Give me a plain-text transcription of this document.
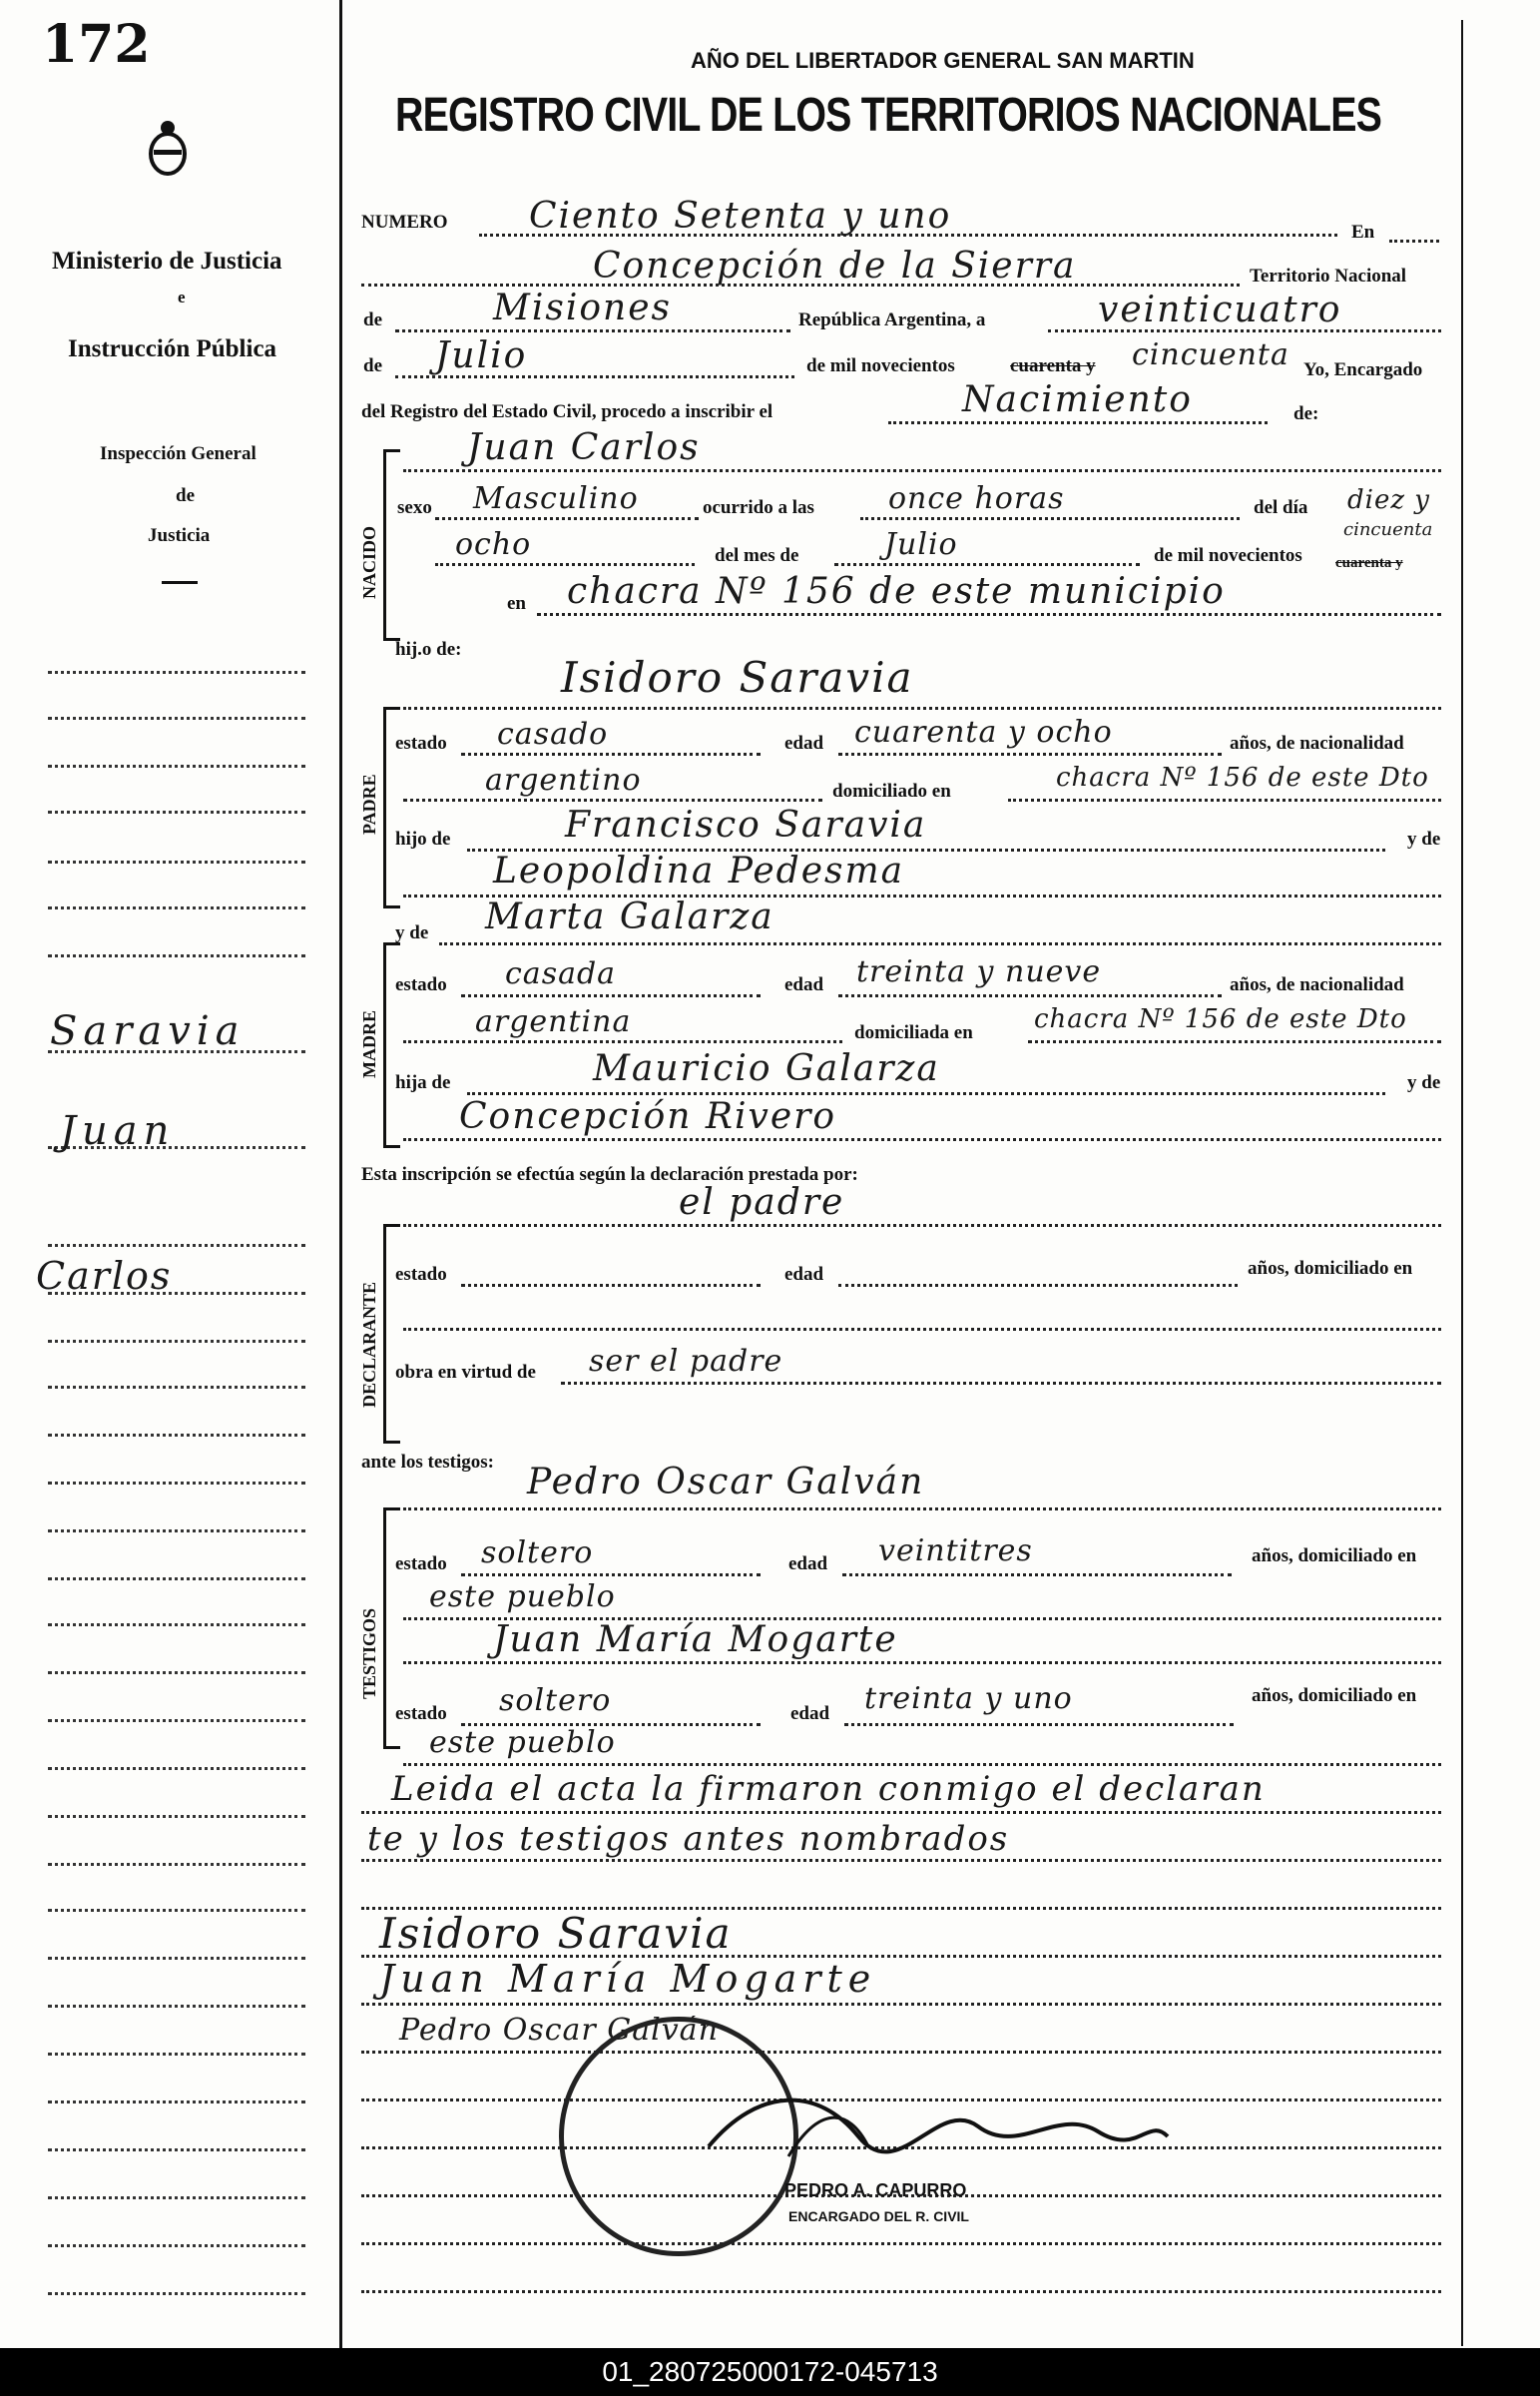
172
Ministerio de Justicia
e
Instrucción Pública
Inspección General
de
Justicia
Saravia
Juan
Carlos
AÑO DEL LIBERTADOR GENERAL SAN MARTIN
REGISTRO CIVIL DE LOS TERRITORIOS NACIONALES
NUMERO Ciento Setenta y uno	En
Concepción de la Sierra	Territorio Nacional
de	Misiones	República Argentina, a	veinticuatro
de Julio	de mil novecientos	cuarenta y cincuenta Yo, Encargado
del Registro del Estado Civil, procedo a inscribir el	Nacimiento	de:
NACIDO
Juan Carlos
sexo Masculino	ocurrido a las once horas	del día diez y
ocho	del mes de	Julio	de mil novecientos cuarenta y
cincuenta
en chacra Nº 156 de este municipio
hij.o de:
Isidoro Saravia
PADRE
estado casado	edad cuarenta y ocho	años, de nacionalidad
argentino	domiciliado en	chacra Nº 156 de este Dto
hijo de	Francisco Saravia	y de
Leopoldina Pedesma
y de Marta Galarza
MADRE
estado casada	edad treinta y nueve	años, de nacionalidad
argentina	domiciliada en chacra Nº 156 de este Dto
hija de	Mauricio Galarza	y de
Concepción Rivero
Esta inscripción se efectúa según la declaración prestada por:
el padre
DECLARANTE
estado	edad	años, domiciliado en
obra en virtud de ser el padre
ante los testigos: Pedro Oscar Galván
TESTIGOS
estado soltero	edad veintitres	años, domiciliado en
este pueblo
Juan María Mogarte
estado soltero	edad treinta y uno	años, domiciliado en
este pueblo
Leida el acta la firmaron conmigo el declaran
te y los testigos antes nombrados
Isidoro Saravia
Juan María Mogarte
Pedro Oscar Galván
PEDRO A. CAPURRO
ENCARGADO DEL R. CIVIL
01_280725000172-045713
